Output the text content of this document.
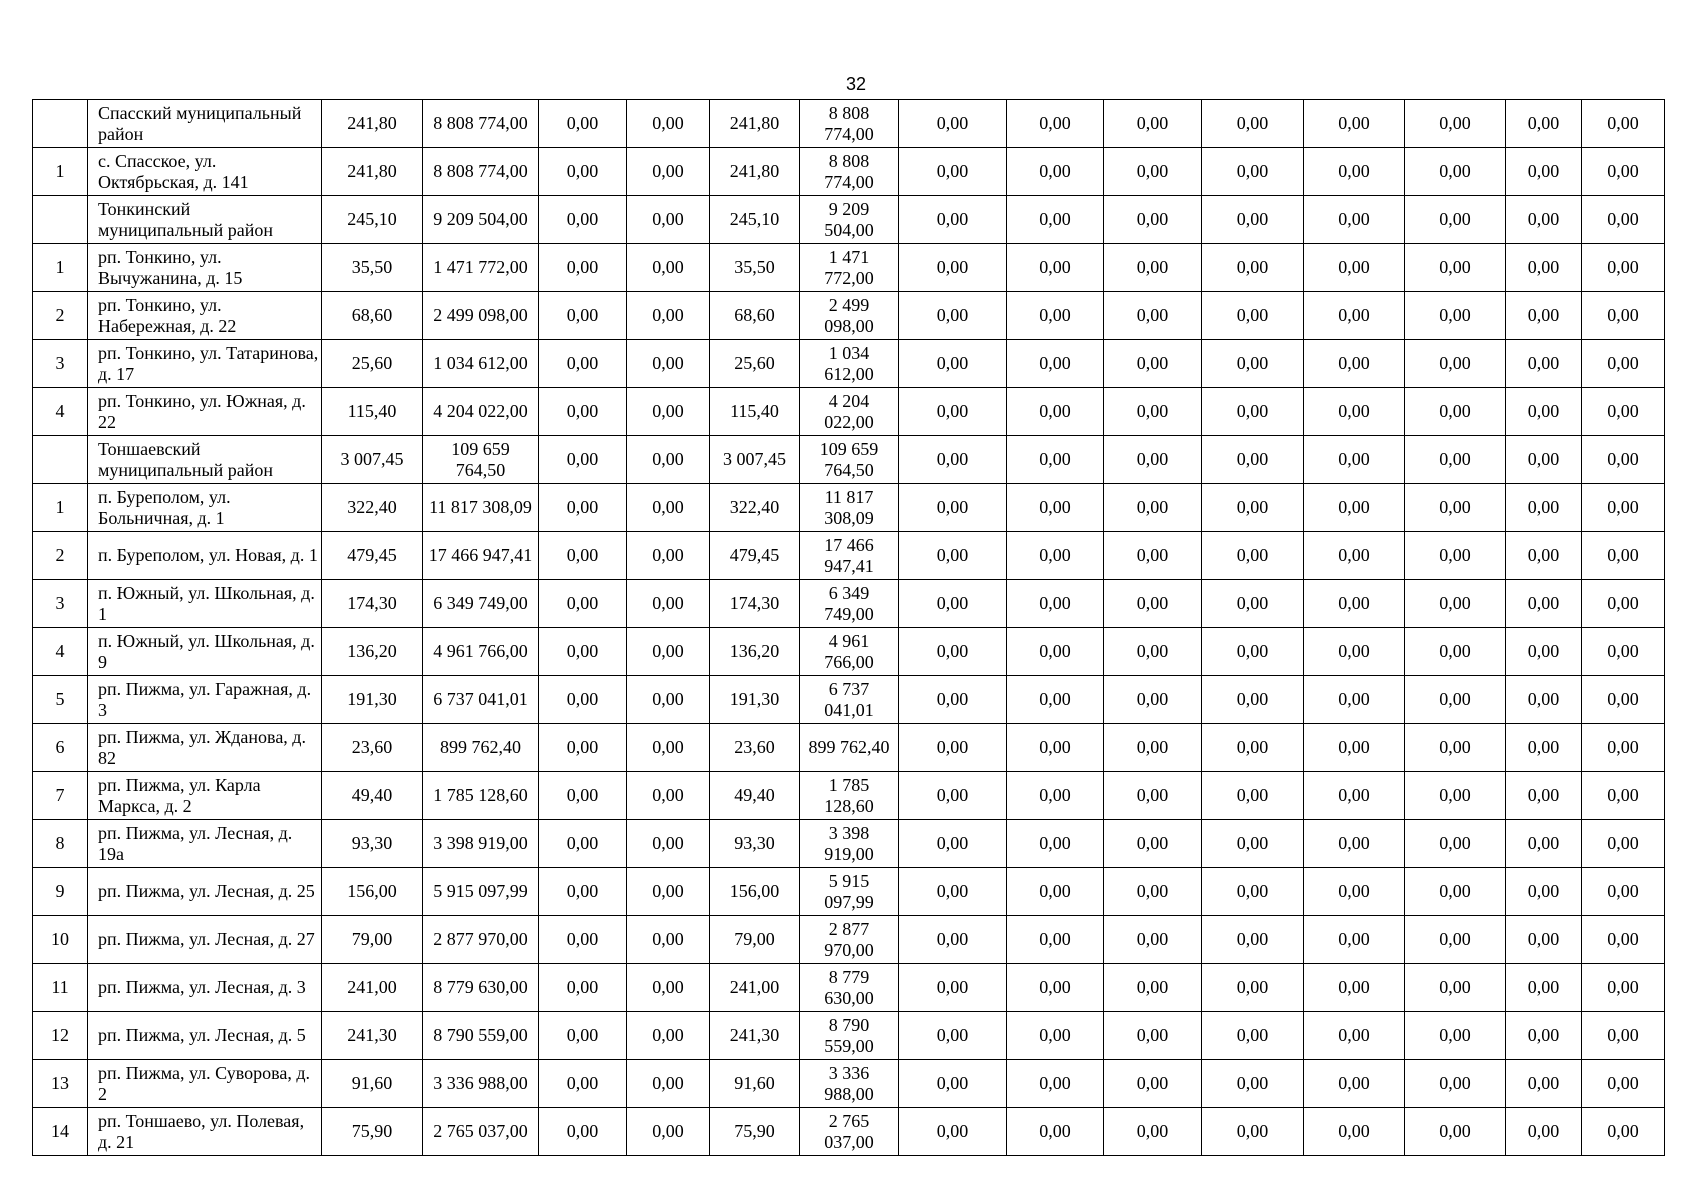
32
	Спасский муниципальный район	241,80	8 808 774,00	0,00	0,00	241,80	8 808 774,00	0,00	0,00	0,00	0,00	0,00	0,00	0,00	0,00
1	с. Спасское, ул. Октябрьская, д. 141	241,80	8 808 774,00	0,00	0,00	241,80	8 808 774,00	0,00	0,00	0,00	0,00	0,00	0,00	0,00	0,00
	Тонкинский муниципальный район	245,10	9 209 504,00	0,00	0,00	245,10	9 209 504,00	0,00	0,00	0,00	0,00	0,00	0,00	0,00	0,00
1	рп. Тонкино, ул. Вычужанина, д. 15	35,50	1 471 772,00	0,00	0,00	35,50	1 471 772,00	0,00	0,00	0,00	0,00	0,00	0,00	0,00	0,00
2	рп. Тонкино, ул. Набережная, д. 22	68,60	2 499 098,00	0,00	0,00	68,60	2 499 098,00	0,00	0,00	0,00	0,00	0,00	0,00	0,00	0,00
3	рп. Тонкино, ул. Татаринова, д. 17	25,60	1 034 612,00	0,00	0,00	25,60	1 034 612,00	0,00	0,00	0,00	0,00	0,00	0,00	0,00	0,00
4	рп. Тонкино, ул. Южная, д. 22	115,40	4 204 022,00	0,00	0,00	115,40	4 204 022,00	0,00	0,00	0,00	0,00	0,00	0,00	0,00	0,00
	Тоншаевский муниципальный район	3 007,45	109 659 764,50	0,00	0,00	3 007,45	109 659 764,50	0,00	0,00	0,00	0,00	0,00	0,00	0,00	0,00
1	п. Буреполом, ул. Больничная, д. 1	322,40	11 817 308,09	0,00	0,00	322,40	11 817 308,09	0,00	0,00	0,00	0,00	0,00	0,00	0,00	0,00
2	п. Буреполом, ул. Новая, д. 1	479,45	17 466 947,41	0,00	0,00	479,45	17 466 947,41	0,00	0,00	0,00	0,00	0,00	0,00	0,00	0,00
3	п. Южный, ул. Школьная, д. 1	174,30	6 349 749,00	0,00	0,00	174,30	6 349 749,00	0,00	0,00	0,00	0,00	0,00	0,00	0,00	0,00
4	п. Южный, ул. Школьная, д. 9	136,20	4 961 766,00	0,00	0,00	136,20	4 961 766,00	0,00	0,00	0,00	0,00	0,00	0,00	0,00	0,00
5	рп. Пижма, ул. Гаражная, д. 3	191,30	6 737 041,01	0,00	0,00	191,30	6 737 041,01	0,00	0,00	0,00	0,00	0,00	0,00	0,00	0,00
6	рп. Пижма, ул. Жданова, д. 82	23,60	899 762,40	0,00	0,00	23,60	899 762,40	0,00	0,00	0,00	0,00	0,00	0,00	0,00	0,00
7	рп. Пижма, ул. Карла Маркса, д. 2	49,40	1 785 128,60	0,00	0,00	49,40	1 785 128,60	0,00	0,00	0,00	0,00	0,00	0,00	0,00	0,00
8	рп. Пижма, ул. Лесная, д. 19а	93,30	3 398 919,00	0,00	0,00	93,30	3 398 919,00	0,00	0,00	0,00	0,00	0,00	0,00	0,00	0,00
9	рп. Пижма, ул. Лесная, д. 25	156,00	5 915 097,99	0,00	0,00	156,00	5 915 097,99	0,00	0,00	0,00	0,00	0,00	0,00	0,00	0,00
10	рп. Пижма, ул. Лесная, д. 27	79,00	2 877 970,00	0,00	0,00	79,00	2 877 970,00	0,00	0,00	0,00	0,00	0,00	0,00	0,00	0,00
11	рп. Пижма, ул. Лесная, д. 3	241,00	8 779 630,00	0,00	0,00	241,00	8 779 630,00	0,00	0,00	0,00	0,00	0,00	0,00	0,00	0,00
12	рп. Пижма, ул. Лесная, д. 5	241,30	8 790 559,00	0,00	0,00	241,30	8 790 559,00	0,00	0,00	0,00	0,00	0,00	0,00	0,00	0,00
13	рп. Пижма, ул. Суворова, д. 2	91,60	3 336 988,00	0,00	0,00	91,60	3 336 988,00	0,00	0,00	0,00	0,00	0,00	0,00	0,00	0,00
14	рп. Тоншаево, ул. Полевая, д. 21	75,90	2 765 037,00	0,00	0,00	75,90	2 765 037,00	0,00	0,00	0,00	0,00	0,00	0,00	0,00	0,00
